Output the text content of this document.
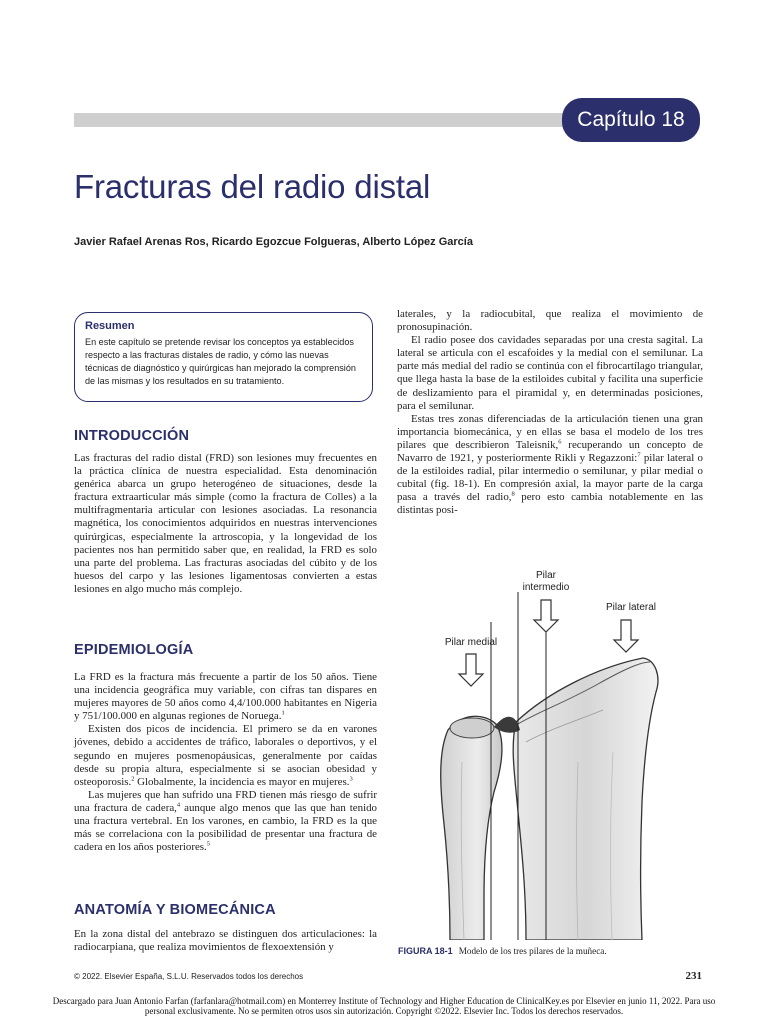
Capítulo 18
Fracturas del radio distal

Javier Rafael Arenas Ros, Ricardo Egozcue Folgueras, Alberto López García

Resumen

En este capítulo se pretende revisar los conceptos ya establecidos respecto a las fracturas distales de radio, y cómo las nuevas técnicas de diagnóstico y quirúrgicas han mejorado la comprensión de las mismas y los resultados en su tratamiento.

INTRODUCCIÓN

Las fracturas del radio distal (FRD) son lesiones muy frecuentes en la práctica clínica de nuestra especialidad. Esta denominación genérica abarca un grupo heterogéneo de situaciones, desde la fractura extraarticular más simple (como la fractura de Colles) a la multifragmentaria articular con lesiones asociadas. La resonancia magnética, los conocimientos adquiridos en nuestras intervenciones quirúrgicas, especialmente la artroscopia, y la longevidad de los pacientes nos han permitido saber que, en realidad, la FRD es solo una parte del problema. Las fracturas asociadas del cúbito y de los huesos del carpo y las lesiones ligamentosas convierten a estas lesiones en algo mucho más complejo.

EPIDEMIOLOGÍA

La FRD es la fractura más frecuente a partir de los 50 años. Tiene una incidencia geográfica muy variable, con cifras tan dispares en mujeres mayores de 50 años como 4,4/100.000 habitantes en Nigeria y 751/100.000 en algunas regiones de Noruega.$^1$

Existen dos picos de incidencia. El primero se da en varones jóvenes, debido a accidentes de tráfico, laborales o deportivos, y el segundo en mujeres posmenopáusicas, generalmente por caídas desde su propia altura, especialmente si se asocian obesidad y osteoporosis.$^2$ Globalmente, la incidencia es mayor en mujeres.$^3$

Las mujeres que han sufrido una FRD tienen más riesgo de sufrir una fractura de cadera,$^4$ aunque algo menos que las que han tenido una fractura vertebral. En los varones, en cambio, la FRD es la que más se correlaciona con la posibilidad de presentar una fractura de cadera en los años posteriores.$^5$

ANATOMÍA Y BIOMECÁNICA

En la zona distal del antebrazo se distinguen dos articulaciones: la radiocarpiana, que realiza movimientos de flexoextensión y

laterales, y la radiocubital, que realiza el movimiento de pronosupinación.

El radio posee dos cavidades separadas por una cresta sagital. La lateral se articula con el escafoides y la medial con el semilunar. La parte más medial del radio se continúa con el fibrocartílago triangular, que llega hasta la base de la estiloides cubital y facilita una superficie de deslizamiento para el piramidal y, en determinadas posiciones, para el semilunar.

Estas tres zonas diferenciadas de la articulación tienen una gran importancia biomecánica, y en ellas se basa el modelo de los tres pilares que describieron Taleisnik,$^6$ recuperando un concepto de Navarro de 1921, y posteriormente Rikli y Regazzoni:$^7$ pilar lateral o de la estiloides radial, pilar intermedio o semilunar, y pilar medial o cubital (fig. 18-1). En compresión axial, la mayor parte de la carga pasa a través del radio,$^8$ pero esto cambia notablemente en las distintas posi-

Pilar
intermedio
Pilar lateral
Pilar medial
FIGURA 18-1 Modelo de los tres pilares de la muñeca.
© 2022. Elsevier España, S.L.U. Reservados todos los derechos	231
Descargado para Juan Antonio Farfan (farfanlara@hotmail.com) en Monterrey Institute of Technology and Higher Education de ClinicalKey.es por Elsevier en junio 11, 2022. Para uso personal exclusivamente. No se permiten otros usos sin autorización. Copyright ©2022. Elsevier Inc. Todos los derechos reservados.
